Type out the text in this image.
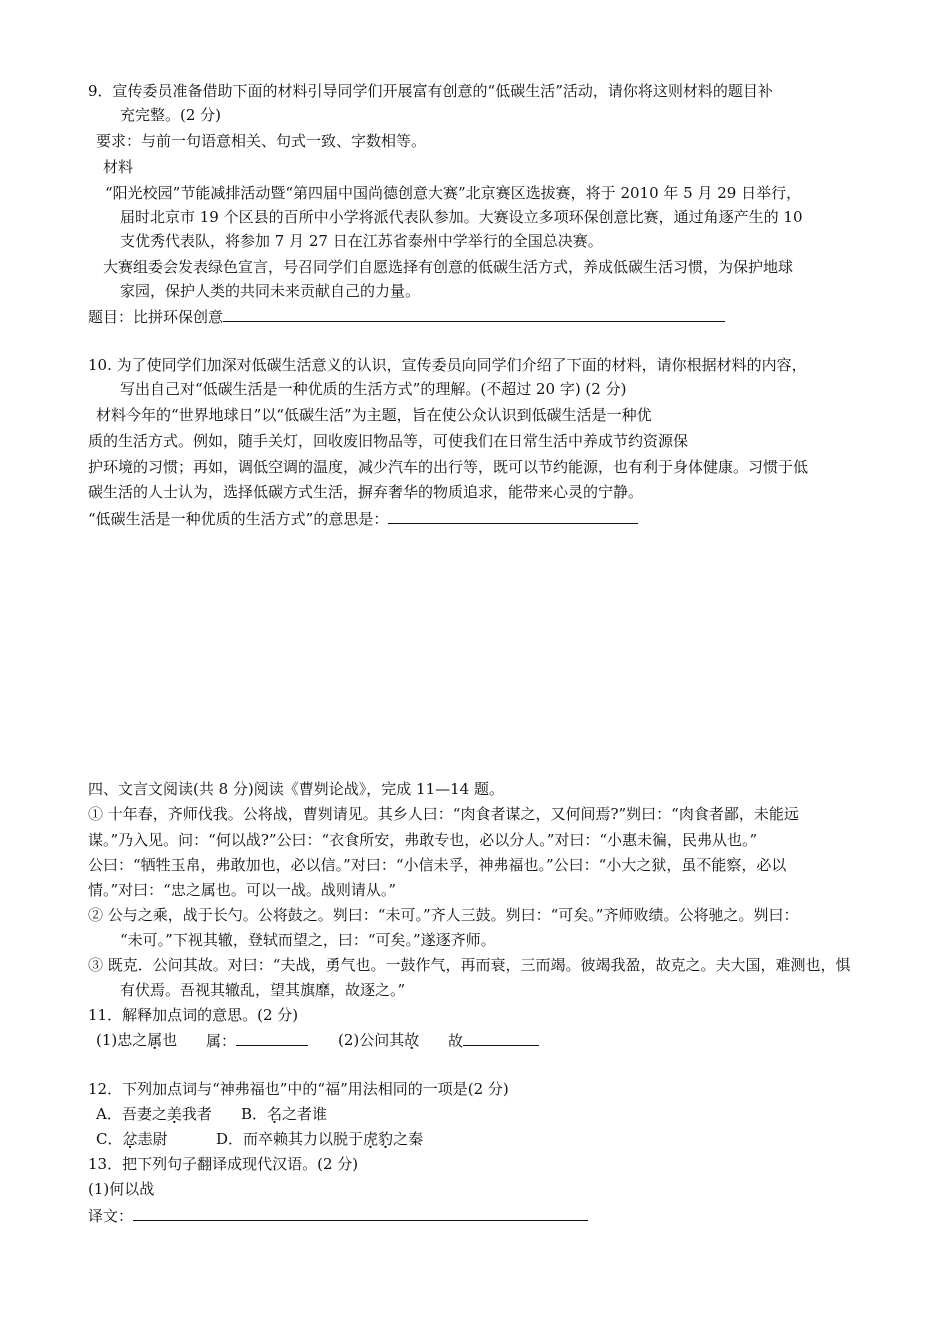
9．宣传委员准备借助下面的材料引导同学们开展富有创意的“低碳生活”活动，请你将这则材料的题目补
充完整。(2 分)
要求：与前一句语意相关、句式一致、字数相等。
材料
“阳光校园”节能减排活动暨“第四届中国尚德创意大赛”北京赛区选拔赛，将于 2010 年 5 月 29 日举行，
届时北京市 19 个区县的百所中小学将派代表队参加。大赛设立多项环保创意比赛，通过角逐产生的 10
支优秀代表队，将参加 7 月 27 日在江苏省泰州中学举行的全国总决赛。
大赛组委会发表绿色宣言，号召同学们自愿选择有创意的低碳生活方式，养成低碳生活习惯，为保护地球
家园，保护人类的共同未来贡献自己的力量。
题目：比拼环保创意
10. 为了使同学们加深对低碳生活意义的认识，宣传委员向同学们介绍了下面的材料，请你根据材料的内容，
写出自己对“低碳生活是一种优质的生活方式”的理解。(不超过 20 字) (2 分)
材料今年的“世界地球日”以“低碳生活”为主题，旨在使公众认识到低碳生活是一种优
质的生活方式。例如，随手关灯，回收废旧物品等，可使我们在日常生活中养成节约资源保
护环境的习惯；再如，调低空调的温度，减少汽车的出行等，既可以节约能源，也有利于身体健康。习惯于低
碳生活的人士认为，选择低碳方式生活，摒弃奢华的物质追求，能带来心灵的宁静。
“低碳生活是一种优质的生活方式”的意思是：
四、文言文阅读(共 8 分)阅读《曹刿论战》，完成 11—14 题。
① 十年春，齐师伐我。公将战，曹刿请见。其乡人曰：“肉食者谋之，又何间焉?”刿曰：“肉食者鄙，未能远
谋。”乃入见。问：“何以战?”公曰：“衣食所安，弗敢专也，必以分人。”对曰：“小惠未徧，民弗从也。”
公曰：“牺牲玉帛，弗敢加也，必以信。”对曰：“小信未孚，神弗福也。”公曰：“小大之狱，虽不能察，必以
情。”对曰：“忠之属也。可以一战。战则请从。”
② 公与之乘，战于长勺。公将鼓之。刿曰：“未可。”齐人三鼓。刿曰：“可矣。”齐师败绩。公将驰之。刿曰：
“未可。”下视其辙，登轼而望之，曰：“可矣。”遂逐齐师。
③ 既克．公问其故。对曰：“夫战，勇气也。一鼓作气，再而衰，三而竭。彼竭我盈，故克之。夫大国，难测也，惧
有伏焉。吾视其辙乱，望其旗靡，故逐之。”
11．解释加点词的意思。(2 分)
(1)忠之属也 属：	(2)公问其故 故
12．下列加点词与“神弗福也”中的“福”用法相同的一项是(2 分)
A．吾妻之美我者 B．名之者谁
C．忿恚尉	D．而卒赖其力以脱于虎豹之秦
13．把下列句子翻译成现代汉语。(2 分)
(1)何以战
译文：
